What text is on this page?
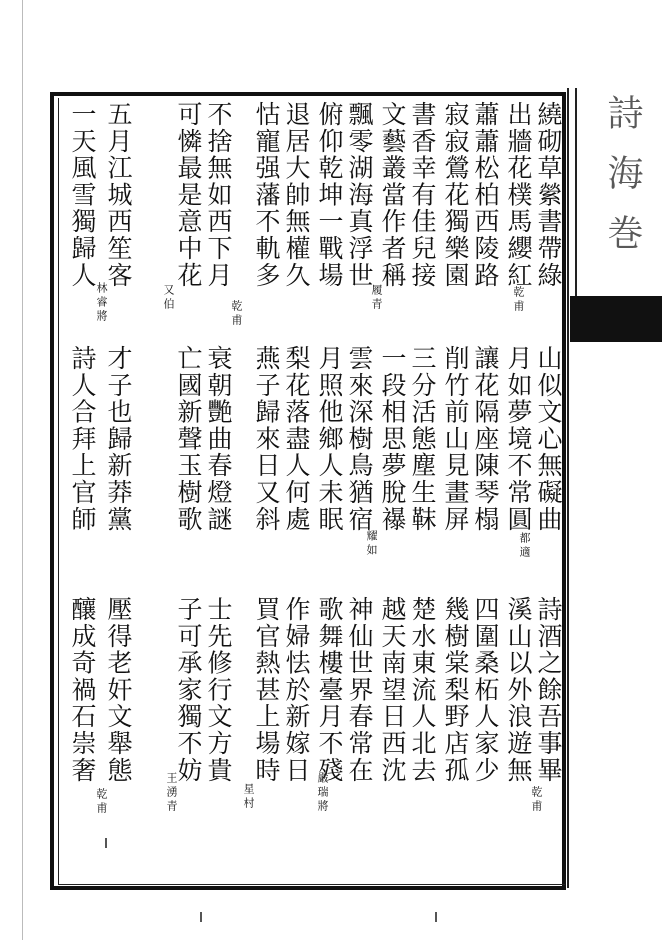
詩海巻
繞砌草縈書帶綠
出牆花樸馬纓紅
乾甫
蕭蕭松柏西陵路
寂寂鶯花獨樂園
履青
書香幸有佳兒接
文藝叢當作者稱
飄零湖海真浮世
俯仰乾坤一戰場
乾甫
退居大帥無權久
怙寵强藩不軌多
不捨無如西下月
可憐最是意中花
又伯
五月江城西笙客
一天風雪獨歸人
林睿將
山似文心無礙曲
月如夢境不常圓
都適
讓花隔座陳琴榻
削竹前山見畫屏
三分活態塵生靺
一段相思夢脫襮
耀如
雲來深樹鳥猶宿
梨花落盡人何處
燕子歸來日又斜
衰朝艷曲春燈謎
亡國新聲玉樹歌
才子也歸新莽黨
詩人合拜上官師	月照他鄉人未眠
詩酒之餘吾事畢
溪山以外浪遊無
乾甫
四圍桑柘人家少
幾樹棠梨野店孤
楚水東流人北去
越天南望日西沈
神仙世界春常在
歌舞樓臺月不殘
嚴瑞將
作婦怯於新嫁日
買官熱甚上場時
星村
士先修行文方貴
子可承家獨不妨
王湧青
壓得老奸文舉態
釀成奇禍石崇奢
乾甫
